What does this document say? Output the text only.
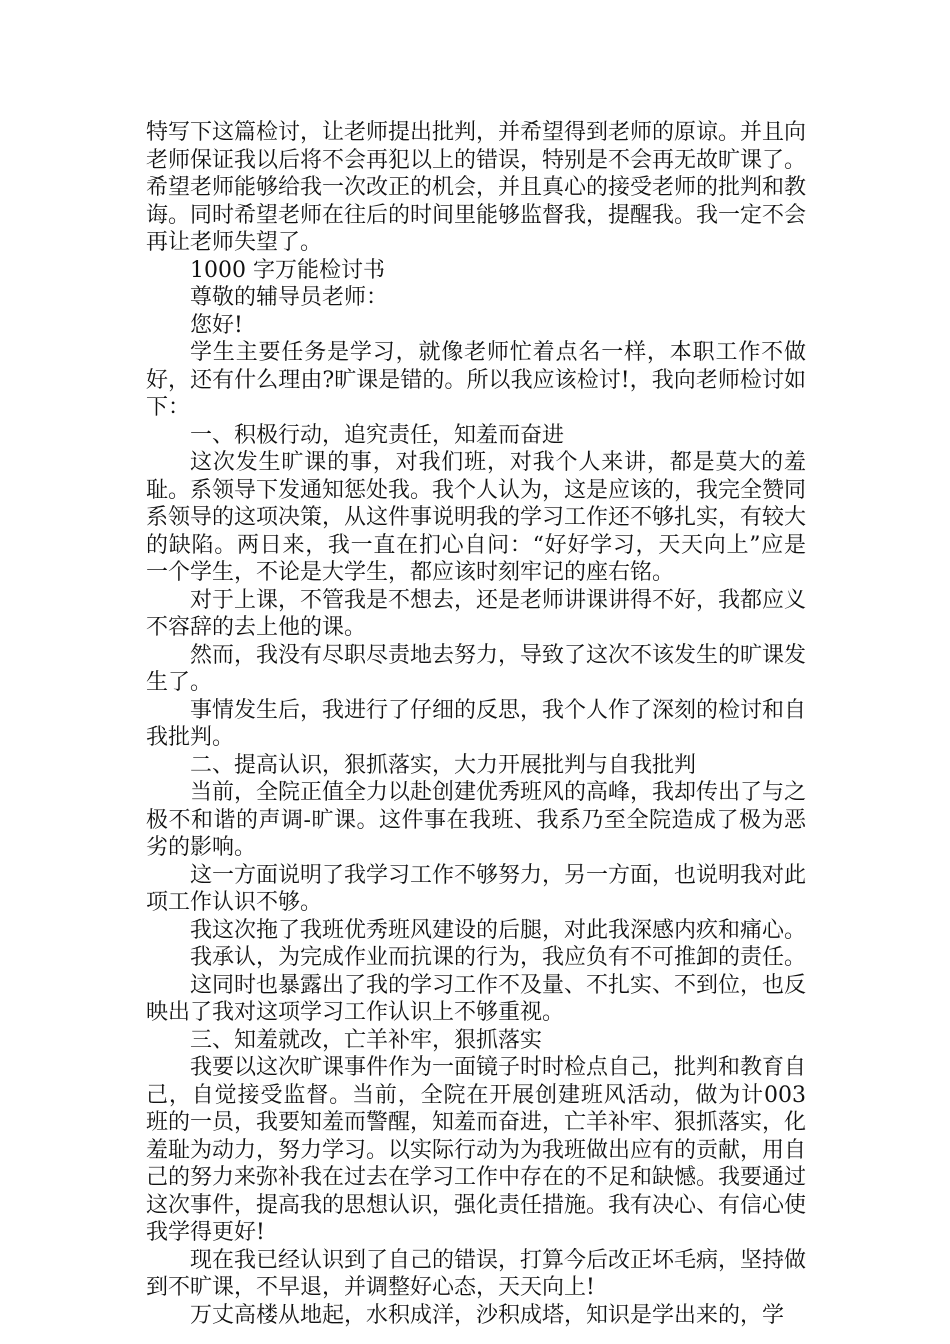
特写下这篇检讨，让老师提出批判，并希望得到老师的原谅。并且向老师保证我以后将不会再犯以上的错误，特别是不会再无故旷课了。希望老师能够给我一次改正的机会，并且真心的接受老师的批判和教诲。同时希望老师在往后的时间里能够监督我，提醒我。我一定不会再让老师失望了。

1000 字万能检讨书

尊敬的辅导员老师：

您好!

学生主要任务是学习，就像老师忙着点名一样，本职工作不做好，还有什么理由?旷课是错的。所以我应该检讨!，我向老师检讨如下：

一、积极行动，追究责任，知羞而奋进

这次发生旷课的事，对我们班，对我个人来讲，都是莫大的羞耻。系领导下发通知惩处我。我个人认为，这是应该的，我完全赞同系领导的这项决策，从这件事说明我的学习工作还不够扎实，有较大的缺陷。两日来，我一直在扪心自问：“好好学习，天天向上”应是一个学生，不论是大学生，都应该时刻牢记的座右铭。

对于上课，不管我是不想去，还是老师讲课讲得不好，我都应义不容辞的去上他的课。

然而，我没有尽职尽责地去努力，导致了这次不该发生的旷课发生了。

事情发生后，我进行了仔细的反思，我个人作了深刻的检讨和自我批判。

二、提高认识，狠抓落实，大力开展批判与自我批判

当前，全院正值全力以赴创建优秀班风的高峰，我却传出了与之极不和谐的声调-旷课。这件事在我班、我系乃至全院造成了极为恶劣的影响。

这一方面说明了我学习工作不够努力，另一方面，也说明我对此项工作认识不够。

我这次拖了我班优秀班风建设的后腿，对此我深感内疚和痛心。

我承认，为完成作业而抗课的行为，我应负有不可推卸的责任。

这同时也暴露出了我的学习工作不及量、不扎实、不到位，也反映出了我对这项学习工作认识上不够重视。

三、知羞就改，亡羊补牢，狠抓落实

我要以这次旷课事件作为一面镜子时时检点自己，批判和教育自己，自觉接受监督。当前，全院在开展创建班风活动，做为计003 班的一员，我要知羞而警醒，知羞而奋进，亡羊补牢、狠抓落实，化羞耻为动力，努力学习。以实际行动为为我班做出应有的贡献，用自己的努力来弥补我在过去在学习工作中存在的不足和缺憾。我要通过这次事件，提高我的思想认识，强化责任措施。我有决心、有信心使我学得更好!

现在我已经认识到了自己的错误，打算今后改正坏毛病，坚持做到不旷课，不早退，并调整好心态，天天向上!

万丈高楼从地起，水积成洋，沙积成塔，知识是学出来的，学
